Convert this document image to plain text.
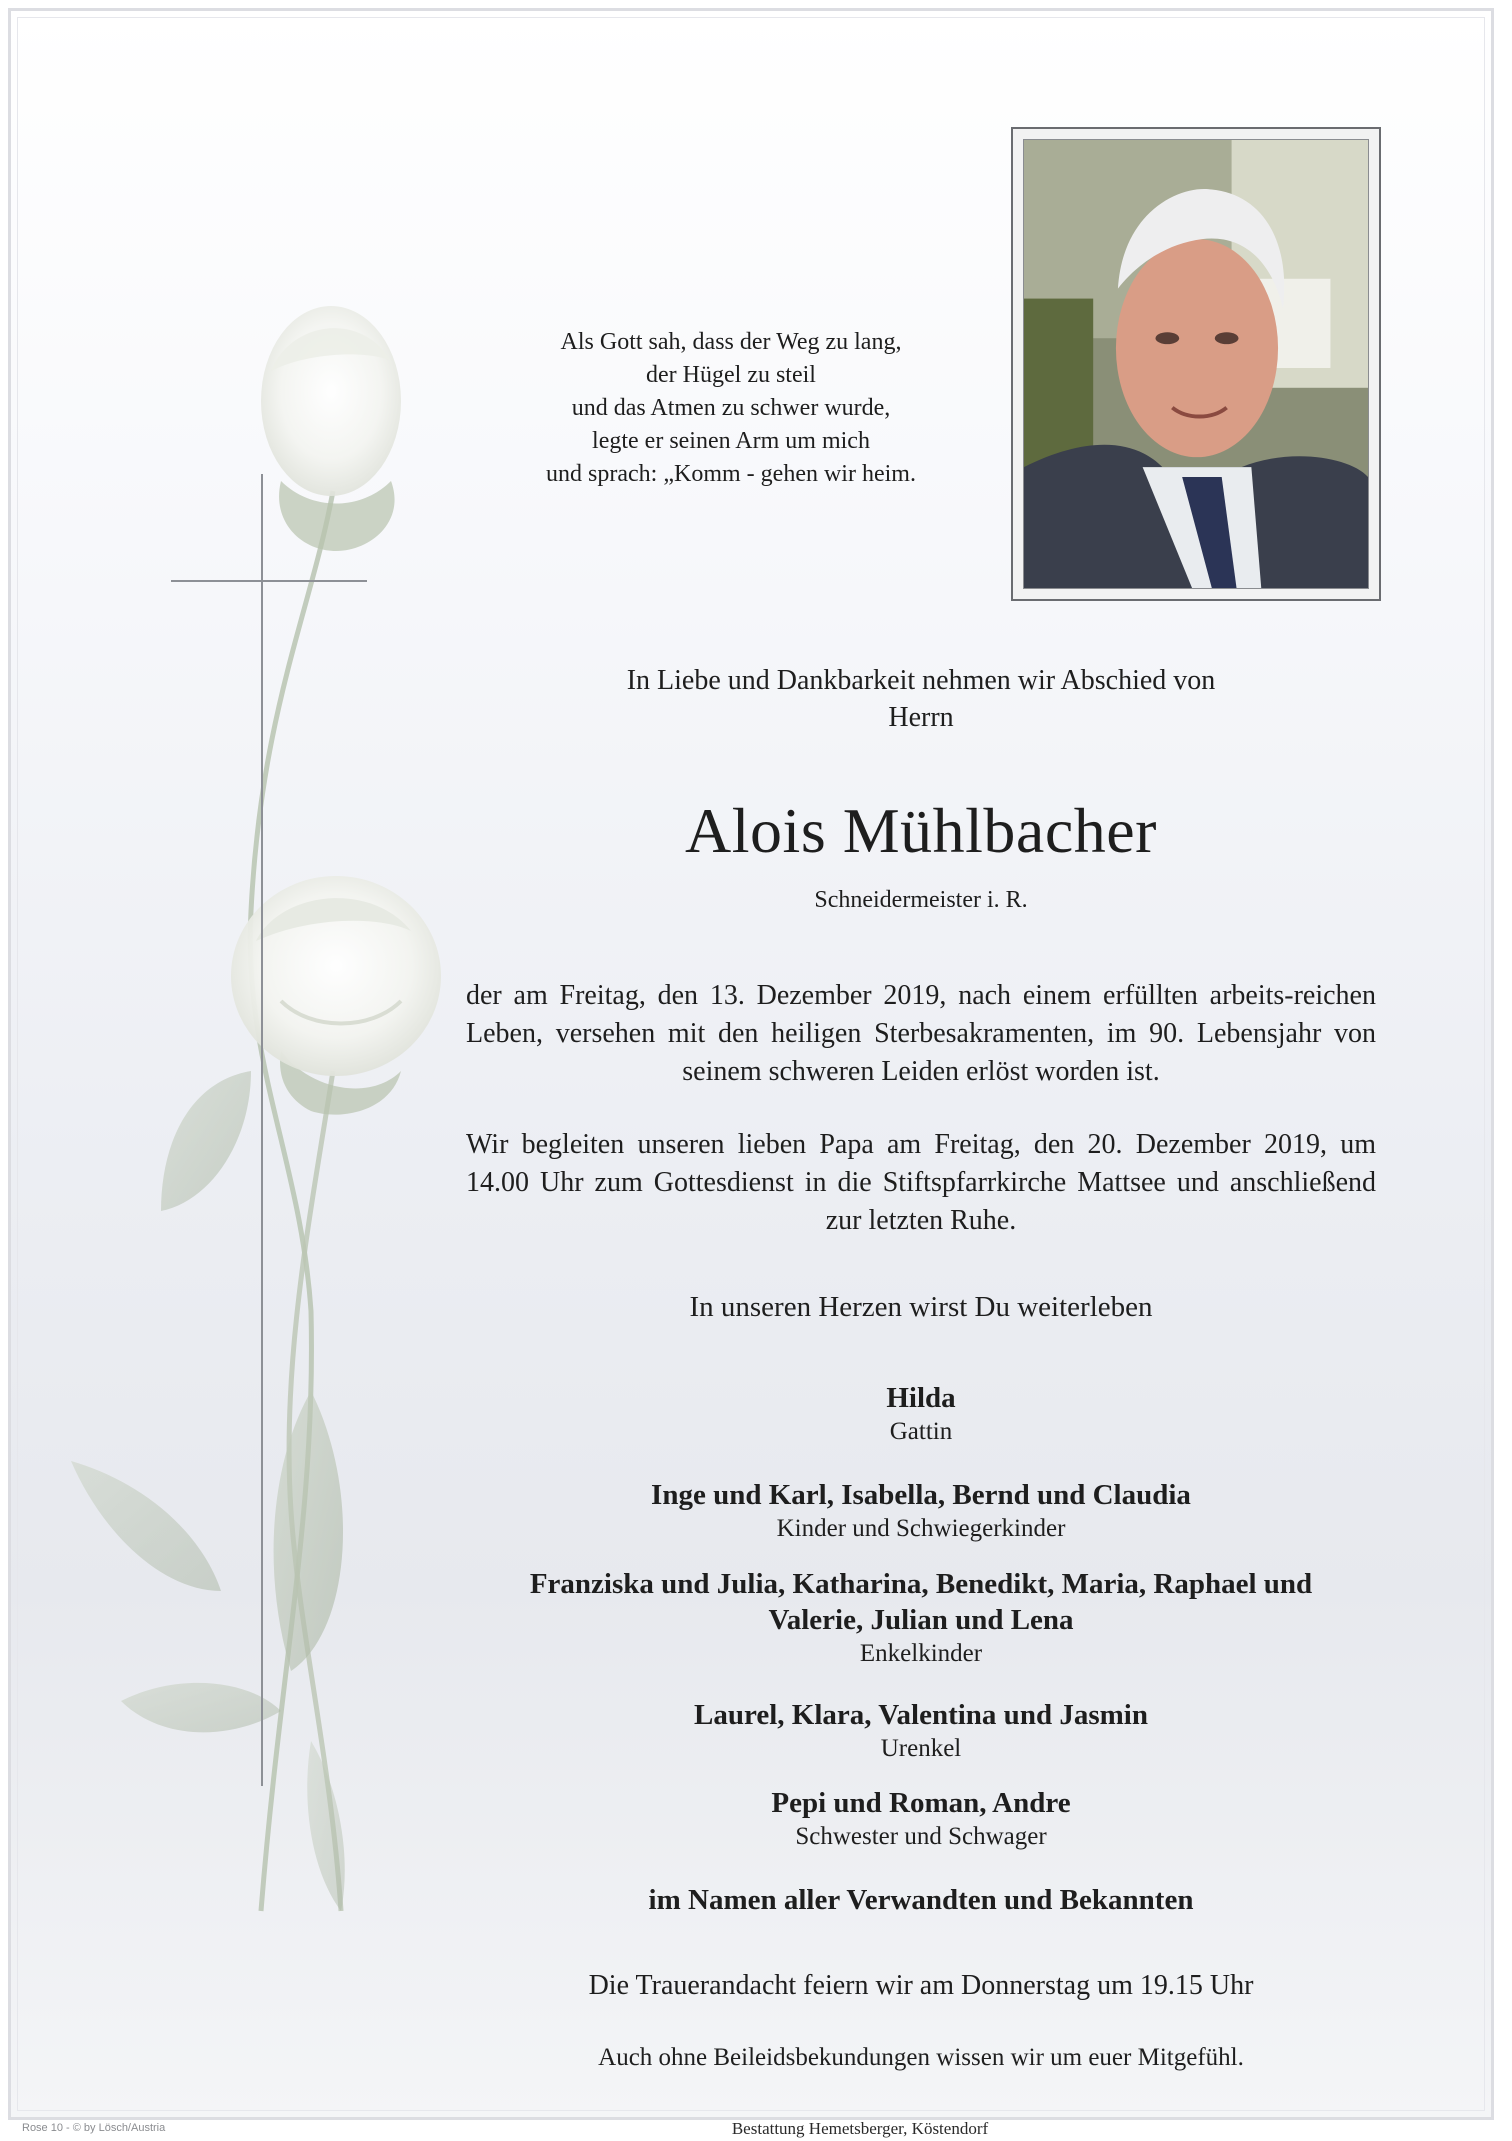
Als Gott sah, dass der Weg zu lang,
der Hügel zu steil
und das Atmen zu schwer wurde,
legte er seinen Arm um mich
und sprach: „Komm - gehen wir heim.
In Liebe und Dankbarkeit nehmen wir Abschied von
Herrn
Alois Mühlbacher
Schneidermeister i. R.
der am Freitag, den 13. Dezember 2019, nach einem erfüllten arbeits-reichen Leben, versehen mit den heiligen Sterbesakramenten, im 90. Lebensjahr von seinem schweren Leiden erlöst worden ist.
Wir begleiten unseren lieben Papa am Freitag, den 20. Dezember 2019, um 14.00 Uhr zum Gottesdienst in die Stiftspfarrkirche Mattsee und anschließend zur letzten Ruhe.
In unseren Herzen wirst Du weiterleben
Hilda
Gattin
Inge und Karl, Isabella, Bernd und Claudia
Kinder und Schwiegerkinder
Franziska und Julia, Katharina, Benedikt, Maria, Raphael und
Valerie, Julian und Lena
Enkelkinder
Laurel, Klara, Valentina und Jasmin
Urenkel
Pepi und Roman, Andre
Schwester und Schwager
im Namen aller Verwandten und Bekannten
Die Trauerandacht feiern wir am Donnerstag um 19.15 Uhr
Auch ohne Beileidsbekundungen wissen wir um euer Mitgefühl.
Rose 10 - © by Lösch/Austria	Bestattung Hemetsberger, Köstendorf
